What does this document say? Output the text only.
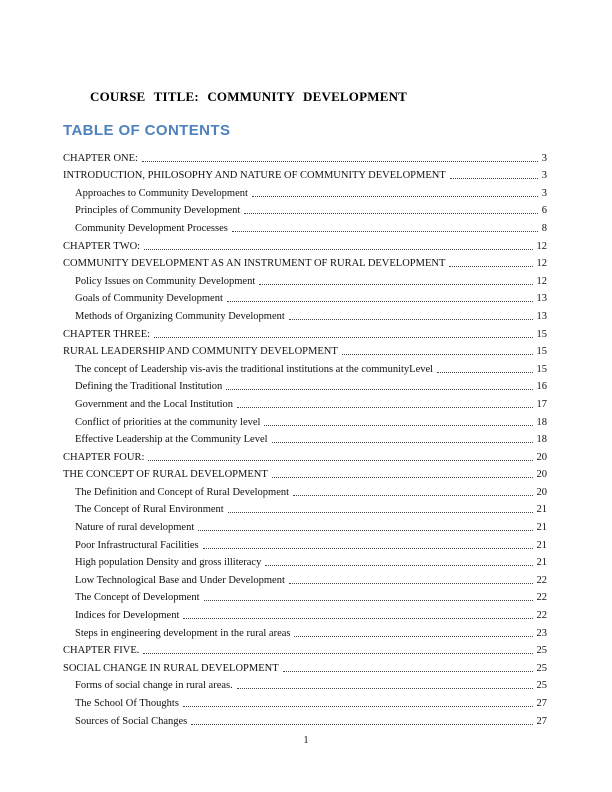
COURSE TITLE: COMMUNITY DEVELOPMENT
TABLE OF CONTENTS
CHAPTER ONE:	3
INTRODUCTION, PHILOSOPHY AND NATURE OF COMMUNITY DEVELOPMENT	3
Approaches to Community Development	3
Principles of Community Development	6
Community Development Processes	8
CHAPTER TWO:	12
COMMUNITY DEVELOPMENT AS AN INSTRUMENT OF RURAL DEVELOPMENT	12
Policy Issues on Community Development	12
Goals of Community Development	13
Methods of Organizing Community Development	13
CHAPTER THREE:	15
RURAL LEADERSHIP AND COMMUNITY DEVELOPMENT	15
The concept of Leadership vis-avis the traditional institutions at the communityLevel	15
Defining the Traditional Institution	16
Government and the Local Institution	17
Conflict of priorities at the community level	18
Effective Leadership at the Community Level	18
CHAPTER FOUR:	20
THE CONCEPT OF RURAL DEVELOPMENT	20
The Definition and Concept of Rural Development	20
The Concept of Rural Environment	21
Nature of rural development	21
Poor Infrastructural Facilities	21
High population Density and gross illiteracy	21
Low Technological Base and Under Development	22
The Concept of Development	22
Indices for Development	22
Steps in engineering development in the rural areas	23
CHAPTER FIVE.	25
SOCIAL CHANGE IN RURAL DEVELOPMENT	25
Forms of social change in rural areas.	25
The School Of Thoughts	27
Sources of Social Changes	27
1
